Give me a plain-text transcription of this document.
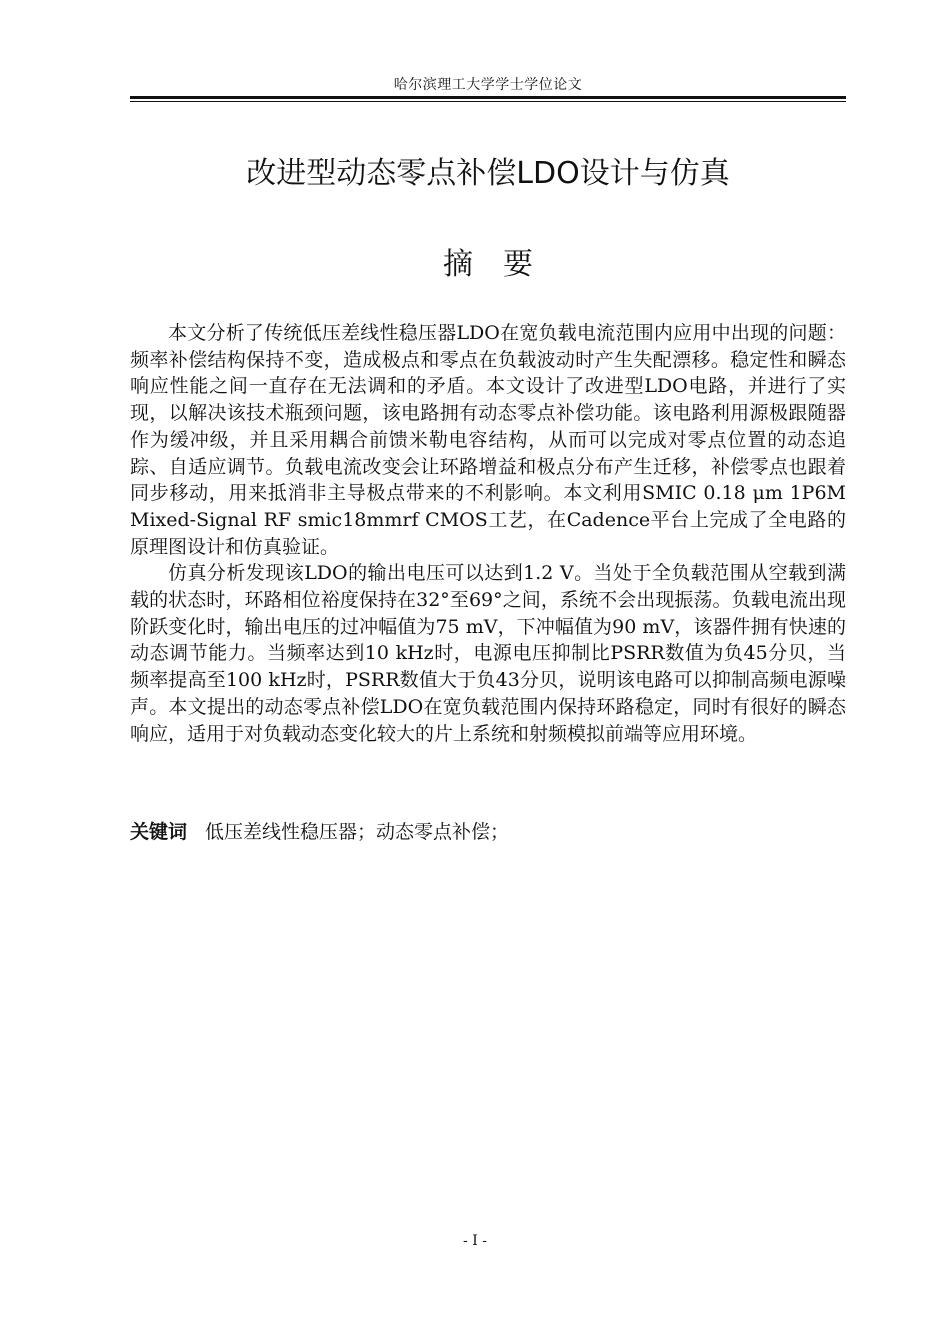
哈尔滨理工大学学士学位论文
改进型动态零点补偿LDO设计与仿真
摘要

本文分析了传统低压差线性稳压器LDO在宽负载电流范围内应用中出现的问题：频率补偿结构保持不变，造成极点和零点在负载波动时产生失配漂移。稳定性和瞬态响应性能之间一直存在无法调和的矛盾。本文设计了改进型LDO电路，并进行了实现，以解决该技术瓶颈问题，该电路拥有动态零点补偿功能。该电路利用源极跟随器作为缓冲级，并且采用耦合前馈米勒电容结构，从而可以完成对零点位置的动态追踪、自适应调节。负载电流改变会让环路增益和极点分布产生迁移，补偿零点也跟着同步移动，用来抵消非主导极点带来的不利影响。本文利用SMIC 0.18 μm 1P6M Mixed-Signal RF smic18mmrf CMOS工艺，在Cadence平台上完成了全电路的原理图设计和仿真验证。

仿真分析发现该LDO的输出电压可以达到1.2 V。当处于全负载范围从空载到满载的状态时，环路相位裕度保持在32°至69°之间，系统不会出现振荡。负载电流出现阶跃变化时，输出电压的过冲幅值为75 mV，下冲幅值为90 mV，该器件拥有快速的动态调节能力。当频率达到10 kHz时，电源电压抑制比PSRR数值为负45分贝，当频率提高至100 kHz时，PSRR数值大于负43分贝，说明该电路可以抑制高频电源噪声。本文提出的动态零点补偿LDO在宽负载范围内保持环路稳定，同时有很好的瞬态响应，适用于对负载动态变化较大的片上系统和射频模拟前端等应用环境。

关键词 低压差线性稳压器；动态零点补偿；
- I -
